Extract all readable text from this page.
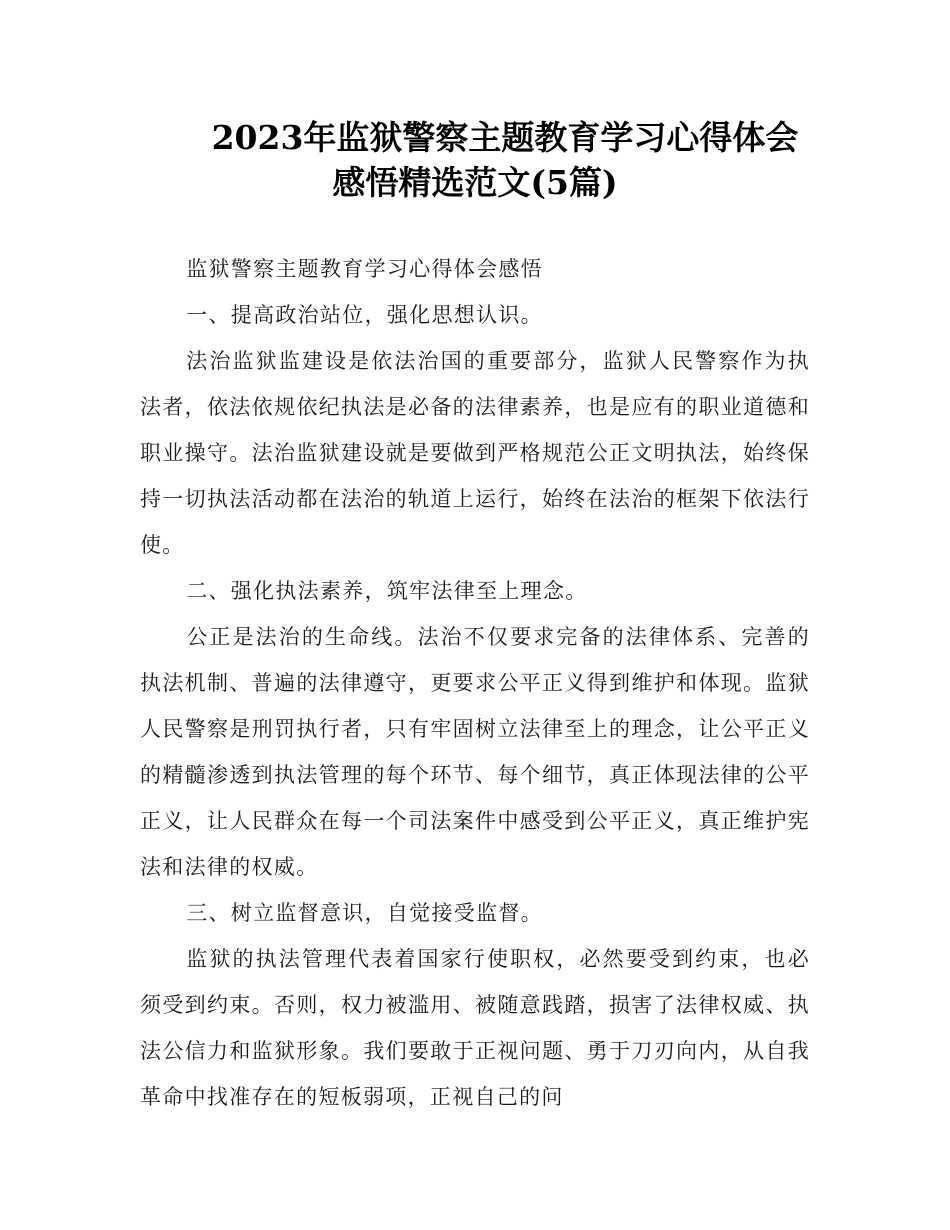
2023年监狱警察主题教育学习心得体会
感悟精选范文(5篇)

监狱警察主题教育学习心得体会感悟

一、提高政治站位，强化思想认识。

法治监狱监建设是依法治国的重要部分，监狱人民警察作为执法者，依法依规依纪执法是必备的法律素养，也是应有的职业道德和职业操守。法治监狱建设就是要做到严格规范公正文明执法，始终保持一切执法活动都在法治的轨道上运行，始终在法治的框架下依法行使。

二、强化执法素养，筑牢法律至上理念。

公正是法治的生命线。法治不仅要求完备的法律体系、完善的执法机制、普遍的法律遵守，更要求公平正义得到维护和体现。监狱人民警察是刑罚执行者，只有牢固树立法律至上的理念，让公平正义的精髓渗透到执法管理的每个环节、每个细节，真正体现法律的公平正义，让人民群众在每一个司法案件中感受到公平正义，真正维护宪法和法律的权威。

三、树立监督意识，自觉接受监督。

监狱的执法管理代表着国家行使职权，必然要受到约束，也必须受到约束。否则，权力被滥用、被随意践踏，损害了法律权威、执法公信力和监狱形象。我们要敢于正视问题、勇于刀刃向内，从自我革命中找准存在的短板弱项，正视自己的问
